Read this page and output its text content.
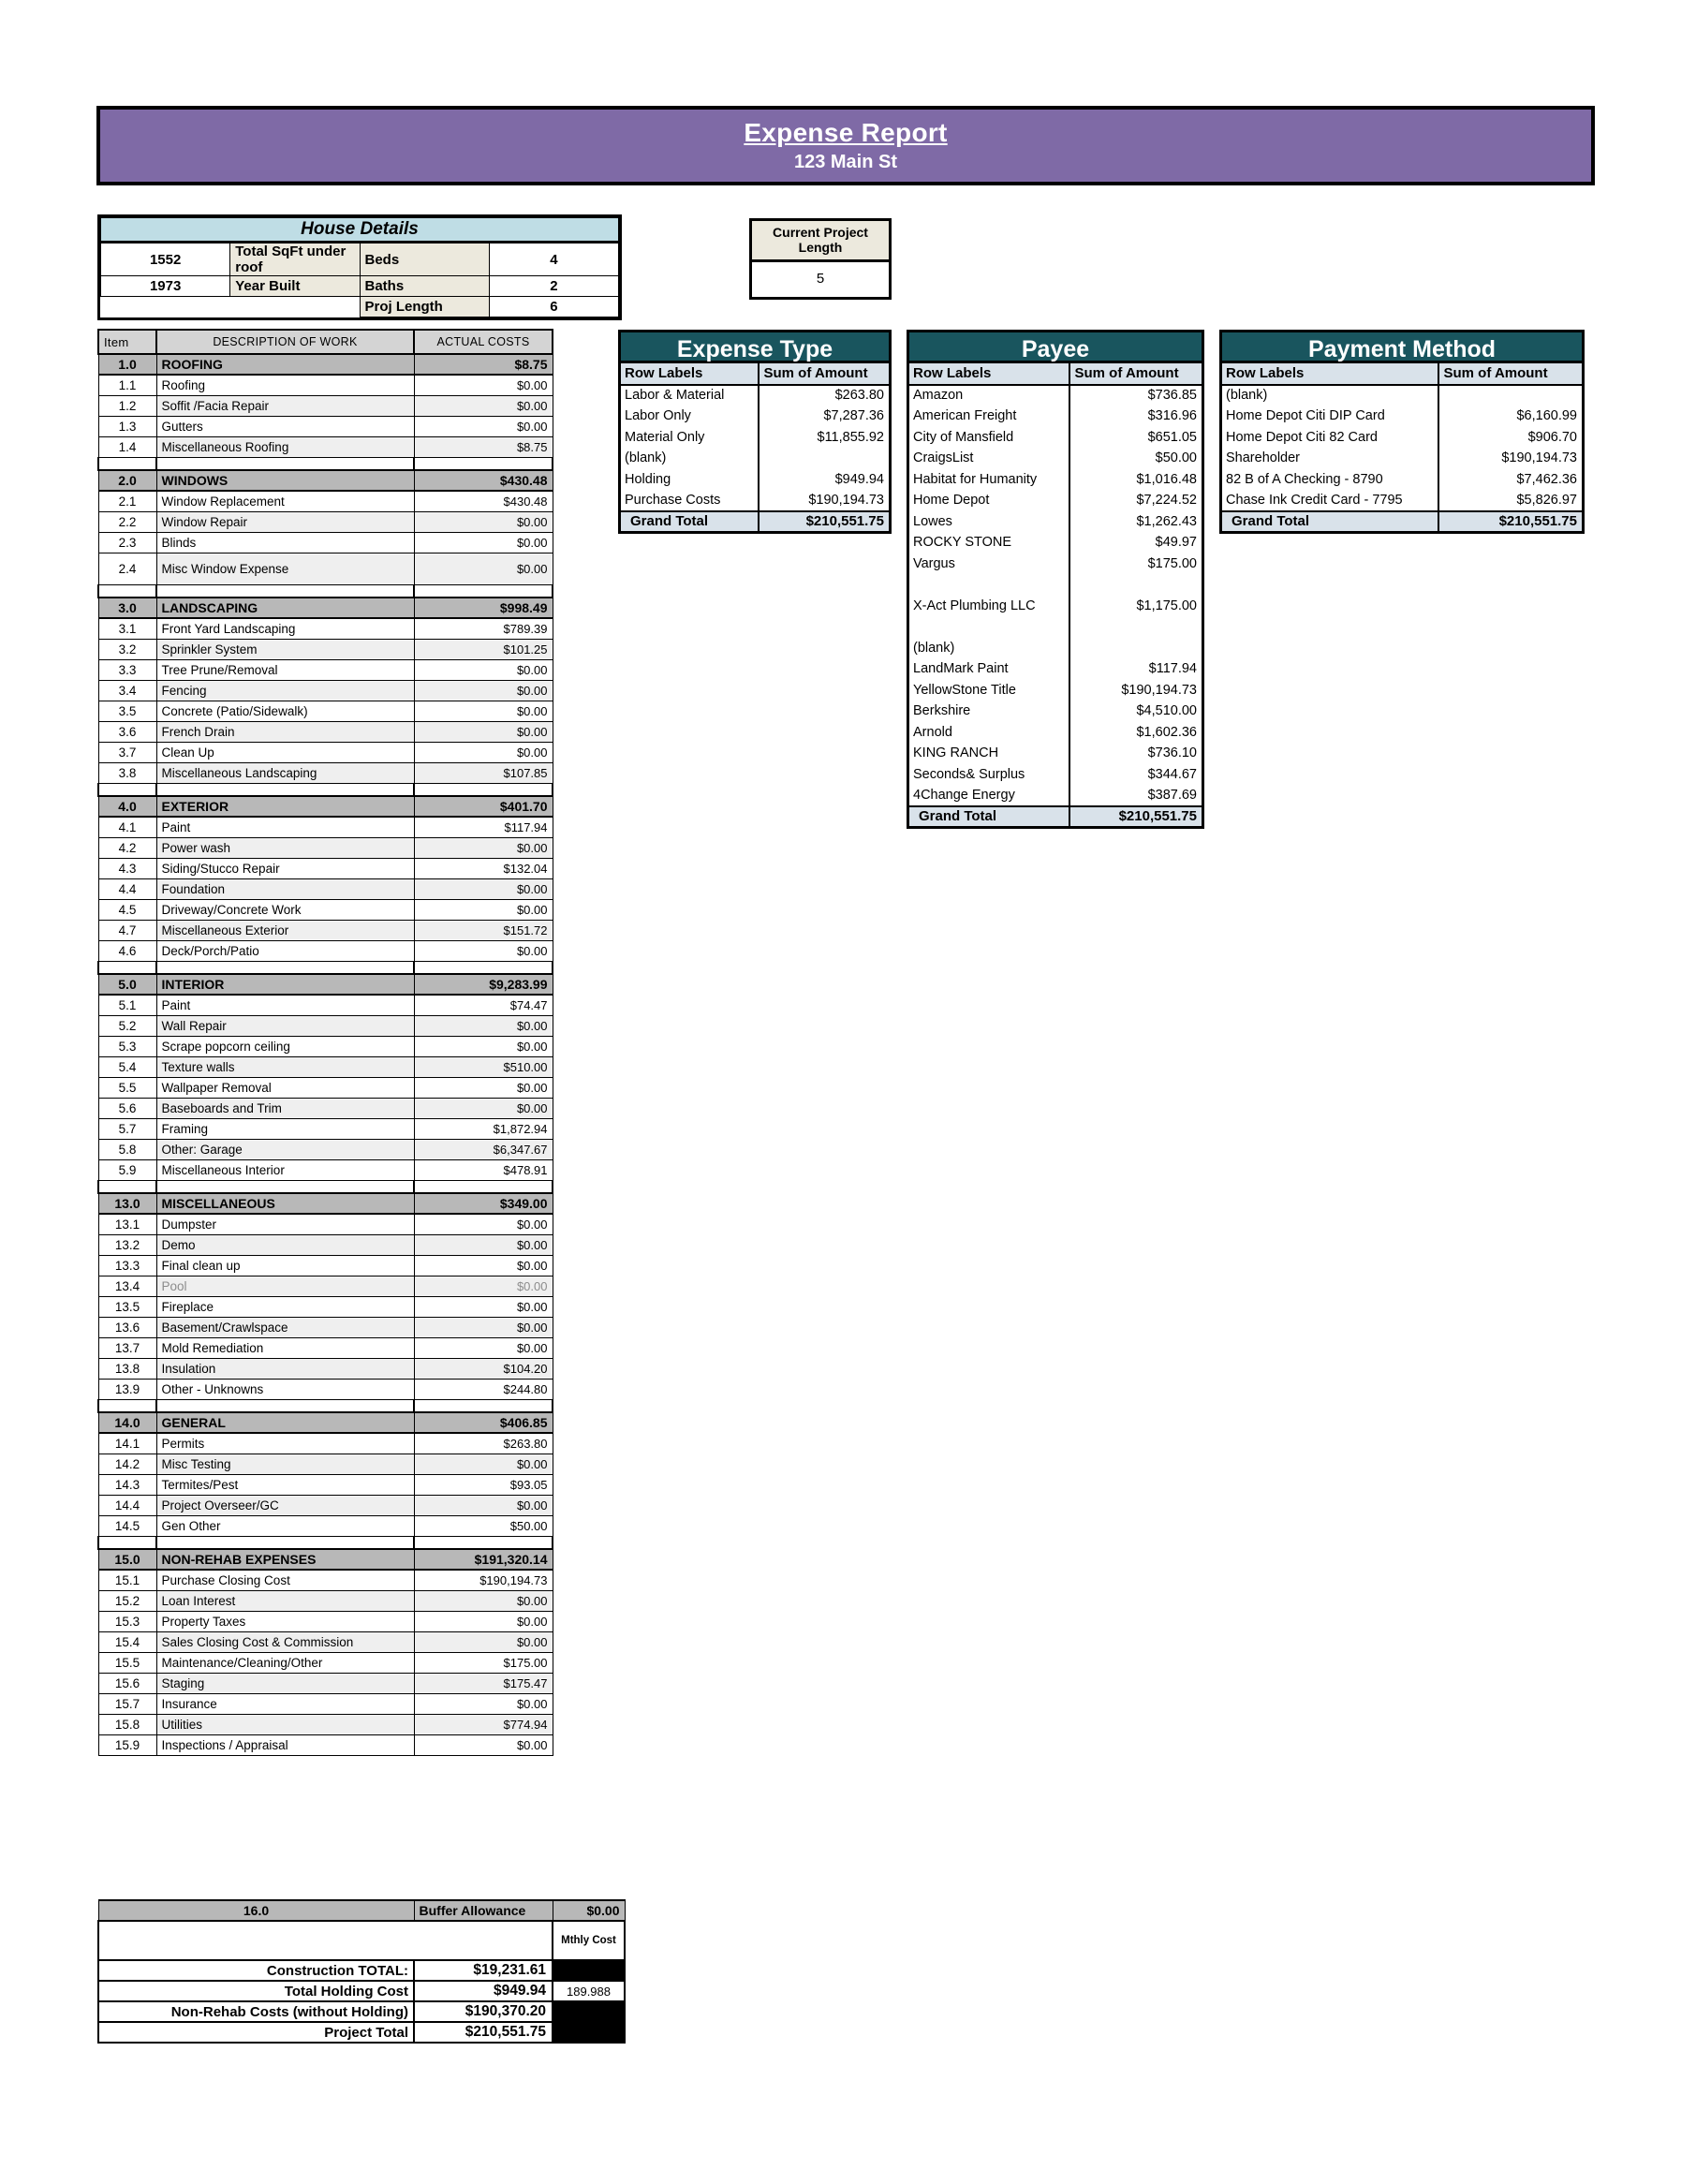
Expense Report
123 Main St
House Details			
1552	Total SqFt under roof	Beds	4
1973	Year Built	Baths	2
		Proj Length	6
Current Project Length
5
Item	DESCRIPTION OF WORK	ACTUAL COSTS
1.0	ROOFING	$8.75
1.1	Roofing	$0.00
1.2	Soffit /Facia Repair	$0.00
1.3	Gutters	$0.00
1.4	Miscellaneous Roofing	$8.75

2.0	WINDOWS	$430.48
2.1	Window Replacement	$430.48
2.2	Window Repair	$0.00
2.3	Blinds	$0.00
2.4	Misc Window Expense	$0.00

3.0	LANDSCAPING	$998.49
3.1	Front Yard Landscaping	$789.39
3.2	Sprinkler System	$101.25
3.3	Tree Prune/Removal	$0.00
3.4	Fencing	$0.00
3.5	Concrete (Patio/Sidewalk)	$0.00
3.6	French Drain	$0.00
3.7	Clean Up	$0.00
3.8	Miscellaneous Landscaping	$107.85

4.0	EXTERIOR	$401.70
4.1	Paint	$117.94
4.2	Power wash	$0.00
4.3	Siding/Stucco Repair	$132.04
4.4	Foundation	$0.00
4.5	Driveway/Concrete Work	$0.00
4.7	Miscellaneous Exterior	$151.72
4.6	Deck/Porch/Patio	$0.00

5.0	INTERIOR	$9,283.99
5.1	Paint	$74.47
5.2	Wall Repair	$0.00
5.3	Scrape popcorn ceiling	$0.00
5.4	Texture walls	$510.00
5.5	Wallpaper Removal	$0.00
5.6	Baseboards and Trim	$0.00
5.7	Framing	$1,872.94
5.8	Other: Garage	$6,347.67
5.9	Miscellaneous Interior	$478.91

13.0	MISCELLANEOUS	$349.00
13.1	Dumpster	$0.00
13.2	Demo	$0.00
13.3	Final clean up	$0.00
13.4	Pool	$0.00
13.5	Fireplace	$0.00
13.6	Basement/Crawlspace	$0.00
13.7	Mold Remediation	$0.00
13.8	Insulation	$104.20
13.9	Other - Unknowns	$244.80

14.0	GENERAL	$406.85
14.1	Permits	$263.80
14.2	Misc Testing	$0.00
14.3	Termites/Pest	$93.05
14.4	Project Overseer/GC	$0.00
14.5	Gen Other	$50.00

15.0	NON-REHAB EXPENSES	$191,320.14
15.1	Purchase Closing Cost	$190,194.73
15.2	Loan Interest	$0.00
15.3	Property Taxes	$0.00
15.4	Sales Closing Cost & Commission	$0.00
15.5	Maintenance/Cleaning/Other	$175.00
15.6	Staging	$175.47
15.7	Insurance	$0.00
15.8	Utilities	$774.94
15.9	Inspections / Appraisal	$0.00
16.0	Buffer Allowance	$0.00	
		Mthly Cost	
Construction TOTAL:	$19,231.61		
Total Holding Cost	$949.94	189.988	
Non-Rehab Costs (without Holding)	$190,370.20		
Project Total	$210,551.75		
Expense Type
Row Labels	Sum of Amount
Labor & Material	$263.80
Labor Only	$7,287.36
Material Only	$11,855.92
(blank)	
Holding	$949.94
Purchase Costs	$190,194.73
Grand Total	$210,551.75
Payee
Row Labels	Sum of Amount
Amazon	$736.85
American Freight	$316.96
City of Mansfield	$651.05
CraigsList	$50.00
Habitat for Humanity	$1,016.48
Home Depot	$7,224.52
Lowes	$1,262.43
ROCKY STONE	$49.97
Vargus	$175.00

X-Act Plumbing LLC	$1,175.00

(blank)	
LandMark Paint	$117.94
YellowStone Title	$190,194.73
Berkshire	$4,510.00
Arnold	$1,602.36
KING RANCH	$736.10
Seconds& Surplus	$344.67
4Change Energy	$387.69
Grand Total	$210,551.75
Payment Method
Row Labels	Sum of Amount
(blank)	
Home Depot Citi DIP Card	$6,160.99
Home Depot Citi 82 Card	$906.70
Shareholder	$190,194.73
82 B of A Checking - 8790	$7,462.36
Chase Ink Credit Card - 7795	$5,826.97
Grand Total	$210,551.75
